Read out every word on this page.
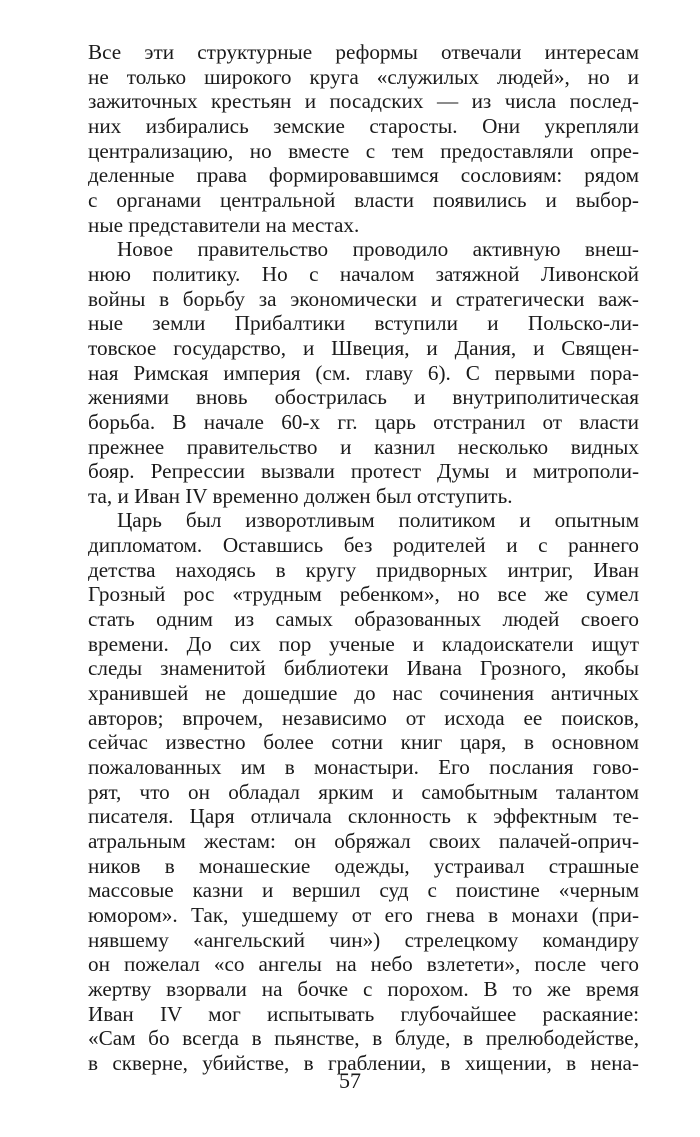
Все эти структурные реформы отвечали интересам
не только широкого круга «служилых людей», но и
зажиточных крестьян и посадских — из числа послед-
них избирались земские старосты. Они укрепляли
централизацию, но вместе с тем предоставляли опре-
деленные права формировавшимся сословиям: рядом
с органами центральной власти появились и выбор-
ные представители на местах.
Новое правительство проводило активную внеш-
нюю политику. Но с началом затяжной Ливонской
войны в борьбу за экономически и стратегически важ-
ные земли Прибалтики вступили и Польско-ли-
товское государство, и Швеция, и Дания, и Священ-
ная Римская империя (см. главу 6). С первыми пора-
жениями вновь обострилась и внутриполитическая
борьба. В начале 60-х гг. царь отстранил от власти
прежнее правительство и казнил несколько видных
бояр. Репрессии вызвали протест Думы и митрополи-
та, и Иван IV временно должен был отступить.
Царь был изворотливым политиком и опытным
дипломатом. Оставшись без родителей и с раннего
детства находясь в кругу придворных интриг, Иван
Грозный рос «трудным ребенком», но все же сумел
стать одним из самых образованных людей своего
времени. До сих пор ученые и кладоискатели ищут
следы знаменитой библиотеки Ивана Грозного, якобы
хранившей не дошедшие до нас сочинения античных
авторов; впрочем, независимо от исхода ее поисков,
сейчас известно более сотни книг царя, в основном
пожалованных им в монастыри. Его послания гово-
рят, что он обладал ярким и самобытным талантом
писателя. Царя отличала склонность к эффектным те-
атральным жестам: он обряжал своих палачей-оприч-
ников в монашеские одежды, устраивал страшные
массовые казни и вершил суд с поистине «черным
юмором». Так, ушедшему от его гнева в монахи (при-
нявшему «ангельский чин») стрелецкому командиру
он пожелал «со ангелы на небо взлетети», после чего
жертву взорвали на бочке с порохом. В то же время
Иван IV мог испытывать глубочайшее раскаяние:
«Сам бо всегда в пьянстве, в блуде, в прелюбодействе,
в скверне, убийстве, в граблении, в хищении, в нена-
57
